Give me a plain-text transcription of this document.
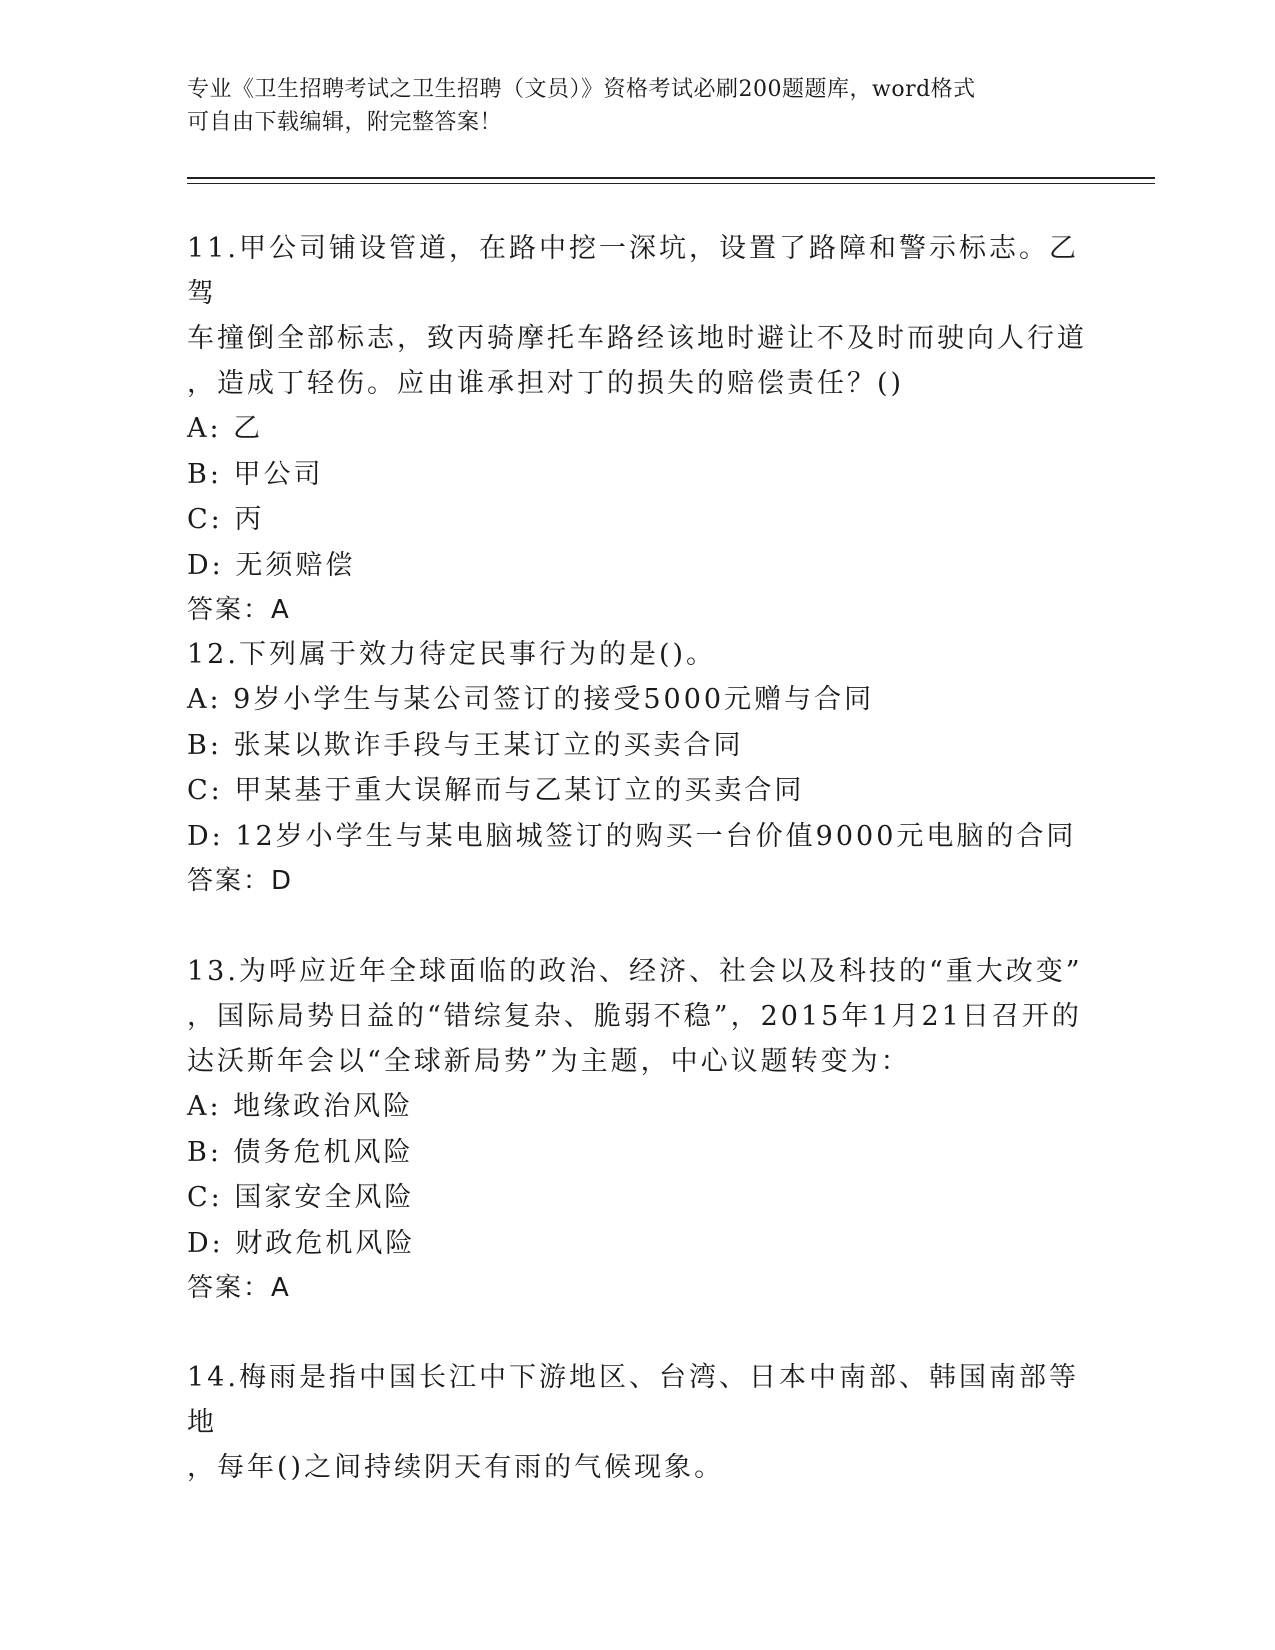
专业《卫生招聘考试之卫生招聘（文员）》资格考试必刷200题题库，word格式
可自由下载编辑，附完整答案！
11.甲公司铺设管道，在路中挖一深坑，设置了路障和警示标志。乙驾
车撞倒全部标志，致丙骑摩托车路经该地时避让不及时而驶向人行道
，造成丁轻伤。应由谁承担对丁的损失的赔偿责任？()
A: 乙
B: 甲公司
C: 丙
D: 无须赔偿
答案：A
12.下列属于效力待定民事行为的是()。
A: 9岁小学生与某公司签订的接受5000元赠与合同
B: 张某以欺诈手段与王某订立的买卖合同
C: 甲某基于重大误解而与乙某订立的买卖合同
D: 12岁小学生与某电脑城签订的购买一台价值9000元电脑的合同
答案：D
13.为呼应近年全球面临的政治、经济、社会以及科技的“重大改变”
，国际局势日益的“错综复杂、脆弱不稳”，2015年1月21日召开的
达沃斯年会以“全球新局势”为主题，中心议题转变为：
A: 地缘政治风险
B: 债务危机风险
C: 国家安全风险
D: 财政危机风险
答案：A
14.梅雨是指中国长江中下游地区、台湾、日本中南部、韩国南部等地
，每年()之间持续阴天有雨的气候现象。
